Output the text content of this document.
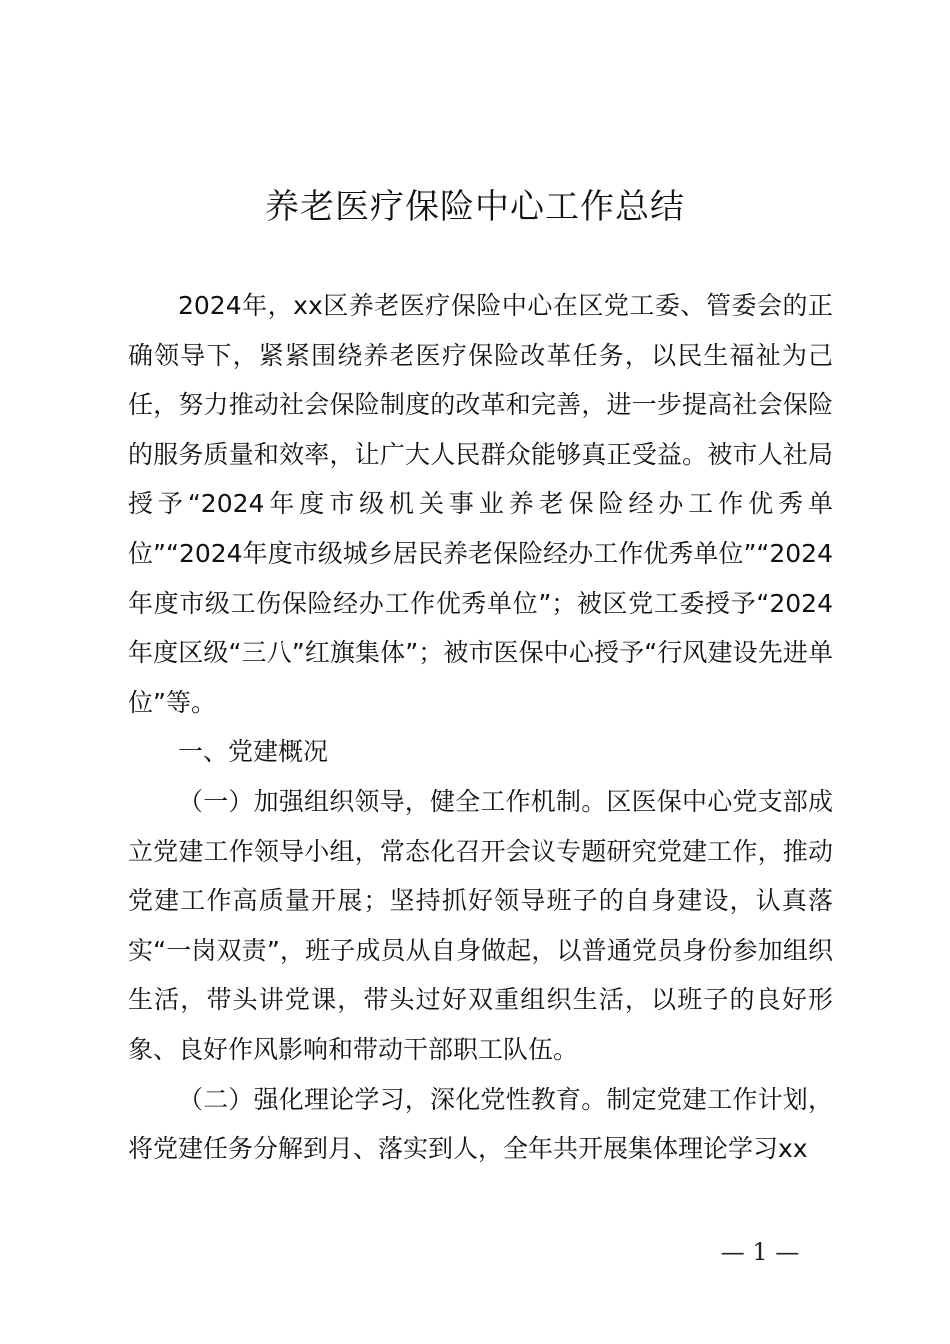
养老医疗保险中心工作总结

2024年，xx区养老医疗保险中心在区党工委、管委会的正确领导下，紧紧围绕养老医疗保险改革任务，以民生福祉为己任，努力推动社会保险制度的改革和完善，进一步提高社会保险的服务质量和效率，让广大人民群众能够真正受益。被市人社局授予“2024年度市级机关事业养老保险经办工作优秀单位”“2024年度市级城乡居民养老保险经办工作优秀单位”“2024年度市级工伤保险经办工作优秀单位”；被区党工委授予“2024年度区级“三八”红旗集体”；被市医保中心授予“行风建设先进单位”等。

一、党建概况

（一）加强组织领导，健全工作机制。区医保中心党支部成立党建工作领导小组，常态化召开会议专题研究党建工作，推动党建工作高质量开展；坚持抓好领导班子的自身建设，认真落实“一岗双责”，班子成员从自身做起，以普通党员身份参加组织生活，带头讲党课，带头过好双重组织生活，以班子的良好形象、良好作风影响和带动干部职工队伍。

（二）强化理论学习，深化党性教育。制定党建工作计划，将党建任务分解到月、落实到人，全年共开展集体理论学习xx

— 1 —
